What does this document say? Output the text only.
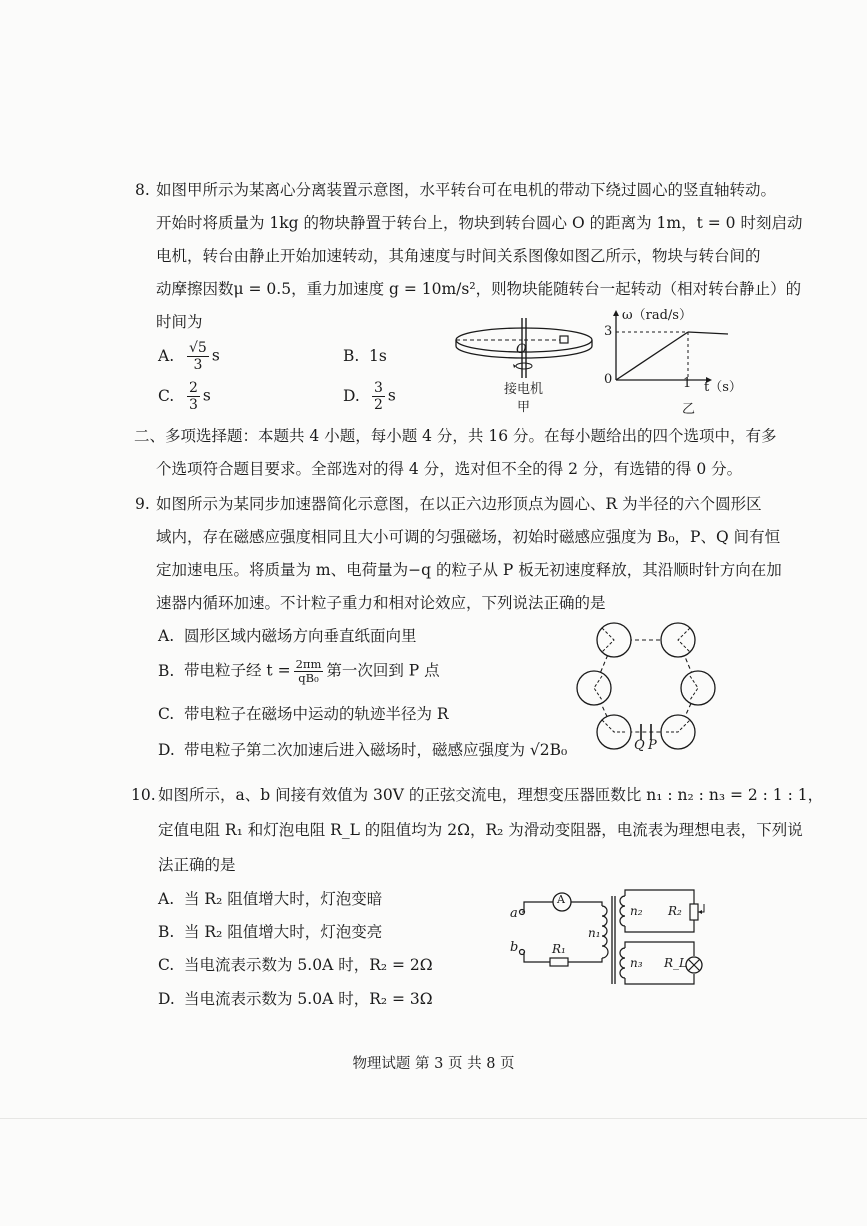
8. 如图甲所示为某离心分离装置示意图，水平转台可在电机的带动下绕过圆心的竖直轴转动。
开始时将质量为 1kg 的物块静置于转台上，物块到转台圆心 O 的距离为 1m，t = 0 时刻启动
电机，转台由静止开始加速转动，其角速度与时间关系图像如图乙所示，物块与转台间的
动摩擦因数μ = 0.5，重力加速度 g = 10m/s²，则物块能随转台一起转动（相对转台静止）的
时间为
A. $\frac{√5}{3}$ s	B. 1s
C. $\frac{2}{3}$ s	D. $\frac{3}{2}$ s
O
接电机
甲
ω（rad/s）
3
0	1 t（s）
乙
二、多项选择题：本题共 4 小题，每小题 4 分，共 16 分。在每小题给出的四个选项中，有多
个选项符合题目要求。全部选对的得 4 分，选对但不全的得 2 分，有选错的得 0 分。
9. 如图所示为某同步加速器简化示意图，在以正六边形顶点为圆心、R 为半径的六个圆形区
域内，存在磁感应强度相同且大小可调的匀强磁场，初始时磁感应强度为 B₀，P、Q 间有恒
定加速电压。将质量为 m、电荷量为−q 的粒子从 P 板无初速度释放，其沿顺时针方向在加
速器内循环加速。不计粒子重力和相对论效应，下列说法正确的是
A. 圆形区域内磁场方向垂直纸面向里
B. 带电粒子经 $t = \frac{2\pi m}{\text{qB₀}}$ 第一次回到 P 点
C. 带电粒子在磁场中运动的轨迹半径为 R
D. 带电粒子第二次加速后进入磁场时，磁感应强度为 √2B₀	Q P
10. 如图所示，a、b 间接有效值为 30V 的正弦交流电，理想变压器匝数比 n₁ : n₂ : n₃ = 2 : 1 : 1，
定值电阻 R₁ 和灯泡电阻 R_L 的阻值均为 2Ω，R₂ 为滑动变阻器，电流表为理想电表，下列说
法正确的是
A. 当 R₂ 阻值增大时，灯泡变暗
B. 当 R₂ 阻值增大时，灯泡变亮
C. 当电流表示数为 5.0A 时，R₂ = 2Ω
D. 当电流表示数为 5.0A 时，R₂ = 3Ω
a
b
A
R₁
n₁
n₂
n₃
R₂
R_L
物理试题 第 3 页 共 8 页
